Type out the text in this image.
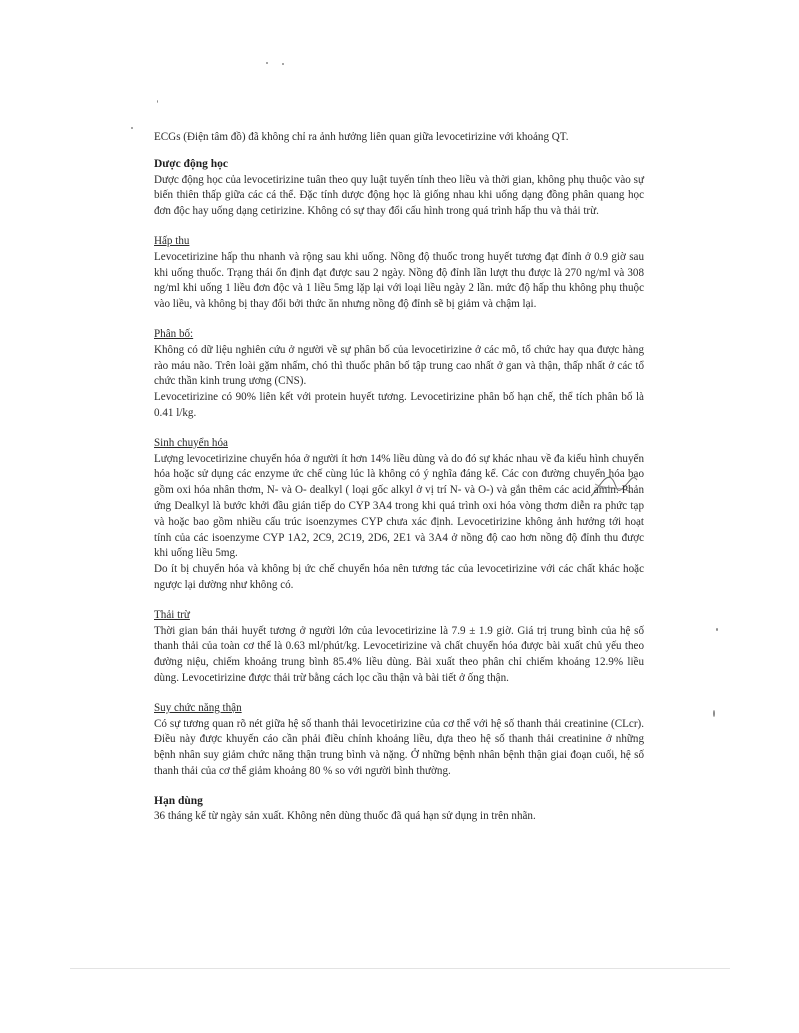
ECGs (Điện tâm đồ) đã không chỉ ra ảnh hưởng liên quan giữa levocetirizine với khoảng QT.

Dược động học

Dược động học của levocetirizine tuân theo quy luật tuyến tính theo liều và thời gian, không phụ thuộc vào sự biến thiên thấp giữa các cá thể. Đặc tính dược động học là giống nhau khi uống dạng đồng phân quang học đơn độc hay uống dạng cetirizine. Không có sự thay đổi cấu hình trong quá trình hấp thu và thải trừ.

Hấp thu

Levocetirizine hấp thu nhanh và rộng sau khi uống. Nồng độ thuốc trong huyết tương đạt đỉnh ở 0.9 giờ sau khi uống thuốc. Trạng thái ổn định đạt được sau 2 ngày. Nồng độ đỉnh lần lượt thu được là 270 ng/ml và 308 ng/ml khi uống 1 liều đơn độc và 1 liều 5mg lặp lại với loại liều ngày 2 lần. mức độ hấp thu không phụ thuộc vào liều, và không bị thay đổi bởi thức ăn nhưng nồng độ đỉnh sẽ bị giảm và chậm lại.

Phân bố:

Không có dữ liệu nghiên cứu ở người về sự phân bố của levocetirizine ở các mô, tổ chức hay qua được hàng rào máu não. Trên loài gặm nhấm, chó thì thuốc phân bố tập trung cao nhất ở gan và thận, thấp nhất ở các tổ chức thần kinh trung ương (CNS).

Levocetirizine có 90% liên kết với protein huyết tương. Levocetirizine phân bố hạn chế, thể tích phân bố là 0.41 l/kg.

Sinh chuyển hóa

Lượng levocetirizine chuyển hóa ở người ít hơn 14% liều dùng và do đó sự khác nhau về đa kiểu hình chuyển hóa hoặc sử dụng các enzyme ức chế cùng lúc là không có ý nghĩa đáng kể. Các con đường chuyển hóa bao gồm oxi hóa nhân thơm, N- và O- dealkyl ( loại gốc alkyl ở vị trí N- và O-) và gắn thêm các acid amin. Phản ứng Dealkyl là bước khởi đầu gián tiếp do CYP 3A4 trong khi quá trình oxi hóa vòng thơm diễn ra phức tạp và hoặc bao gồm nhiều cấu trúc isoenzymes CYP chưa xác định. Levocetirizine không ảnh hưởng tới hoạt tính của các isoenzyme CYP 1A2, 2C9, 2C19, 2D6, 2E1 và 3A4 ở nồng độ cao hơn nồng độ đỉnh thu được khi uống liều 5mg.

Do ít bị chuyển hóa và không bị ức chế chuyển hóa nên tương tác của levocetirizine với các chất khác hoặc ngược lại dường như không có.

Thải trừ

Thời gian bán thải huyết tương ở người lớn của levocetirizine là 7.9 ± 1.9 giờ. Giá trị trung bình của hệ số thanh thải của toàn cơ thể là 0.63 ml/phút/kg. Levocetirizine và chất chuyển hóa được bài xuất chủ yếu theo đường niệu, chiếm khoảng trung bình 85.4% liều dùng. Bài xuất theo phân chỉ chiếm khoảng 12.9% liều dùng. Levocetirizine được thải trừ bằng cách lọc cầu thận và bài tiết ở ống thận.

Suy chức năng thận

Có sự tương quan rõ nét giữa hệ số thanh thải levocetirizine của cơ thể với hệ số thanh thải creatinine (CLcr). Điều này được khuyến cáo cần phải điều chỉnh khoảng liều, dựa theo hệ số thanh thải creatinine ở những bệnh nhân suy giảm chức năng thận trung bình và nặng. Ở những bệnh nhân bệnh thận giai đoạn cuối, hệ số thanh thải của cơ thể giảm khoảng 80 % so với người bình thường.

Hạn dùng

36 tháng kể từ ngày sản xuất. Không nên dùng thuốc đã quá hạn sử dụng in trên nhãn.
